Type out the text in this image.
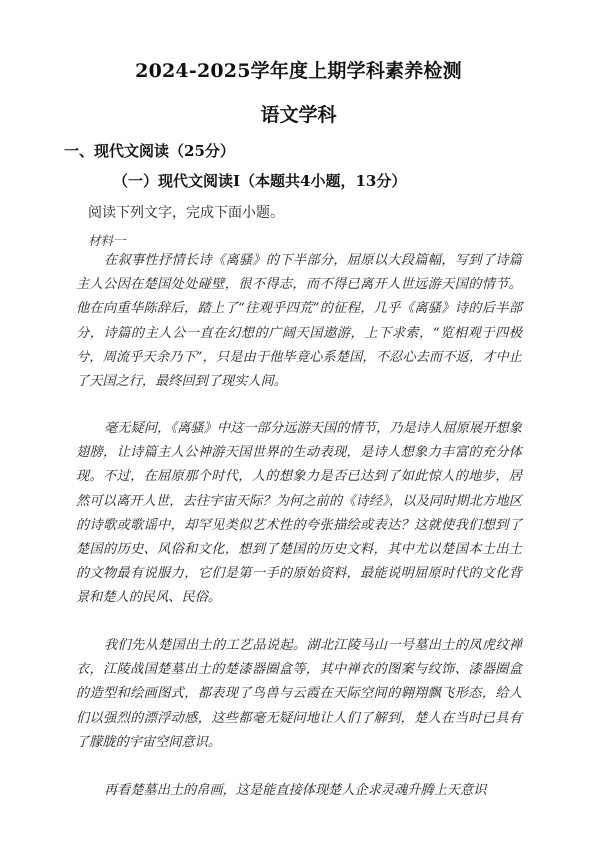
2024-2025学年度上期学科素养检测
语文学科
一、现代文阅读（25分）
（一）现代文阅读Ⅰ（本题共4小题，13分）
阅读下列文字，完成下面小题。
材料一
在叙事性抒情长诗《离骚》的下半部分，屈原以大段篇幅，写到了诗篇主人公因在楚国处处碰壁，很不得志，而不得已离开人世远游天国的情节。他在向重华陈辞后，踏上了“往观乎四荒”的征程，几乎《离骚》诗的后半部分，诗篇的主人公一直在幻想的广阔天国遨游，上下求索，“览相观于四极兮，周流乎天余乃下”，只是由于他毕竟心系楚国，不忍心去而不返，才中止了天国之行，最终回到了现实人间。
毫无疑问，《离骚》中这一部分远游天国的情节，乃是诗人屈原展开想象翅膀，让诗篇主人公神游天国世界的生动表现，是诗人想象力丰富的充分体现。不过，在屈原那个时代，人的想象力是否已达到了如此惊人的地步，居然可以离开人世，去往宇宙天际？为何之前的《诗经》，以及同时期北方地区的诗歌或歌谣中，却罕见类似艺术性的夸张描绘或表达？这就使我们想到了楚国的历史、风俗和文化，想到了楚国的历史文料，其中尤以楚国本土出土的文物最有说服力，它们是第一手的原始资料，最能说明屈原时代的文化背景和楚人的民风、民俗。
我们先从楚国出土的工艺品说起。湖北江陵马山一号墓出土的凤虎纹禅衣，江陵战国楚墓出土的楚漆器圈盒等，其中禅衣的图案与纹饰、漆器圈盒的造型和绘画图式，都表现了鸟兽与云霞在天际空间的翱翔飘飞形态，给人们以强烈的漂浮动感，这些都毫无疑问地让人们了解到，楚人在当时已具有了朦胧的宇宙空间意识。
再看楚墓出土的帛画，这是能直接体现楚人企求灵魂升腾上天意识
